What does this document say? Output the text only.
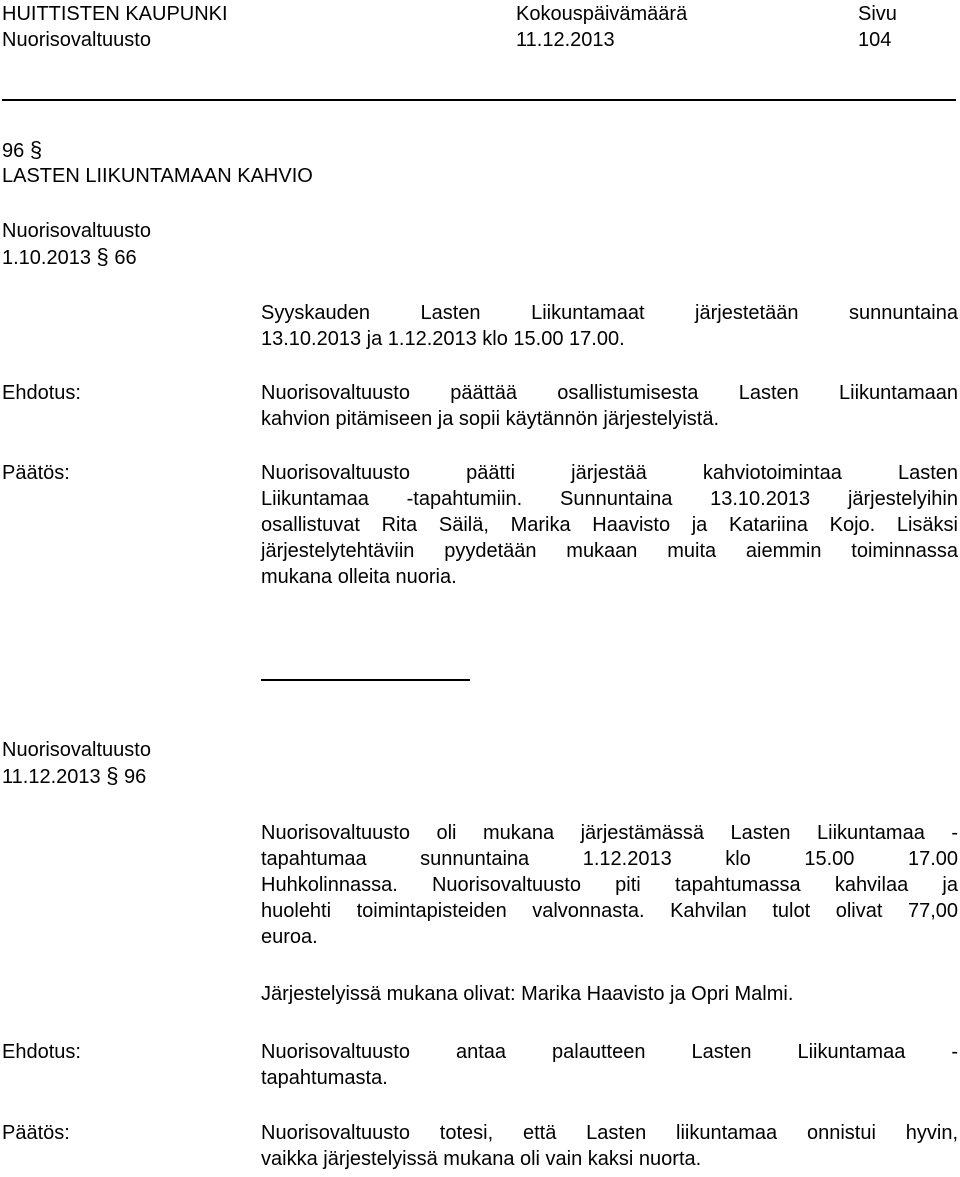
HUITTISTEN KAUPUNKI
Nuorisovaltuusto
Kokouspäivämäärä
11.12.2013
Sivu
104
96 §
LASTEN LIIKUNTAMAAN KAHVIO
Nuorisovaltuusto
1.10.2013 § 66
Syyskauden Lasten Liikuntamaat järjestetään sunnuntaina
13.10.2013 ja 1.12.2013 klo 15.00 17.00.
Ehdotus:	Nuorisovaltuusto päättää osallistumisesta Lasten Liikuntamaan
kahvion pitämiseen ja sopii käytännön järjestelyistä.
Päätös:	Nuorisovaltuusto päätti järjestää kahviotoimintaa Lasten
Liikuntamaa -tapahtumiin. Sunnuntaina 13.10.2013 järjestelyihin
osallistuvat Rita Säilä, Marika Haavisto ja Katariina Kojo. Lisäksi
järjestelytehtäviin pyydetään mukaan muita aiemmin toiminnassa
mukana olleita nuoria.
Nuorisovaltuusto
11.12.2013 § 96
Nuorisovaltuusto oli mukana järjestämässä Lasten Liikuntamaa -
tapahtumaa sunnuntaina 1.12.2013 klo 15.00 17.00
Huhkolinnassa. Nuorisovaltuusto piti tapahtumassa kahvilaa ja
huolehti toimintapisteiden valvonnasta. Kahvilan tulot olivat 77,00
euroa.
Järjestelyissä mukana olivat: Marika Haavisto ja Opri Malmi.
Ehdotus:	Nuorisovaltuusto antaa palautteen Lasten Liikuntamaa -
tapahtumasta.
Päätös:	Nuorisovaltuusto totesi, että Lasten liikuntamaa onnistui hyvin,
vaikka järjestelyissä mukana oli vain kaksi nuorta.
